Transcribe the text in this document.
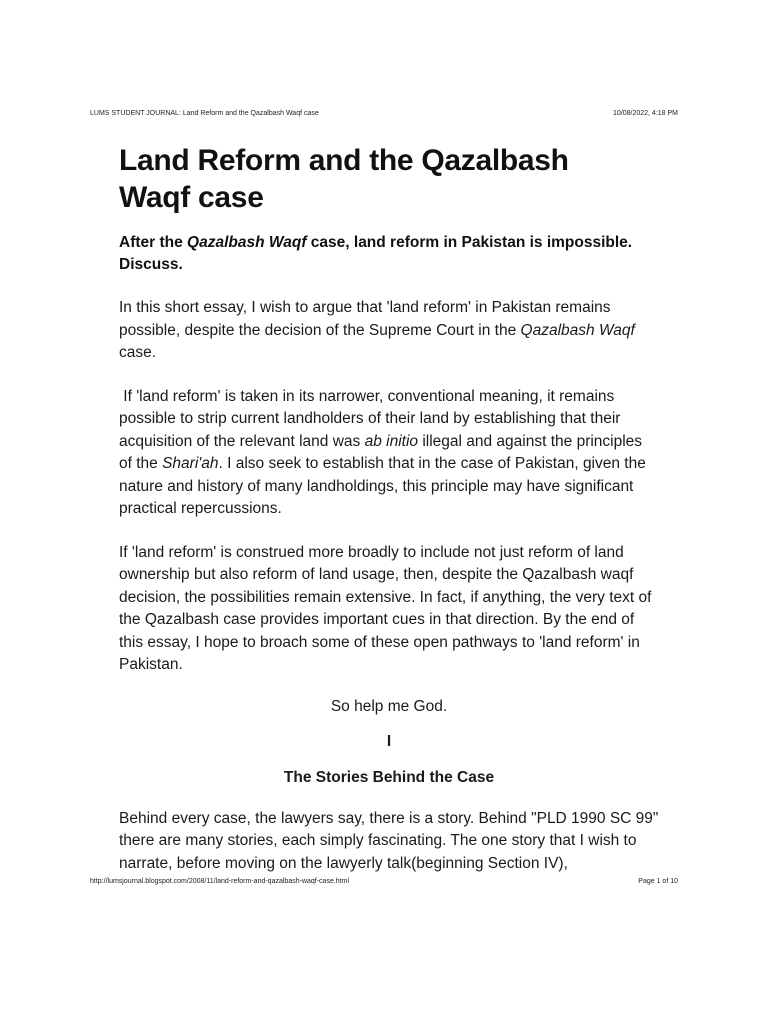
LUMS STUDENT JOURNAL: Land Reform and the Qazalbash Waqf case	10/08/2022, 4:18 PM
Land Reform and the Qazalbash
Waqf case

After the Qazalbash Waqf case, land reform in Pakistan is impossible. Discuss.

In this short essay, I wish to argue that 'land reform' in Pakistan remains possible, despite the decision of the Supreme Court in the Qazalbash Waqf case.

If 'land reform' is taken in its narrower, conventional meaning, it remains possible to strip current landholders of their land by establishing that their  acquisition of the relevant land was ab initio illegal and against the principles of the Shari'ah. I also seek to establish that in the case of Pakistan, given the nature and history of many landholdings, this principle may have significant practical repercussions.

If 'land reform' is construed more broadly to include not just reform of land ownership but also reform of land usage, then, despite the Qazalbash waqf decision, the possibilities remain extensive. In fact, if anything, the very text of the Qazalbash case provides important cues in that direction. By the end of this essay, I hope to broach some of these open pathways to 'land reform' in Pakistan.

So help me God.

I

The Stories Behind the Case

Behind every case, the lawyers say, there is a story. Behind "PLD 1990 SC 99" there are many stories, each simply fascinating. The one story that I wish to narrate, before moving on the lawyerly talk(beginning Section IV),

http://lumsjournal.blogspot.com/2008/11/land-reform-and-qazalbash-waqf-case.html	Page 1 of 10
